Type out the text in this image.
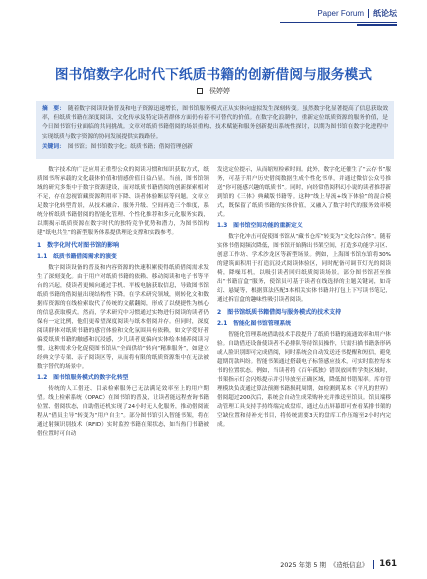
Paper Forum 纸论坛
图书馆数字化时代下纸质书籍的创新借阅与服务模式
侯婷婷
摘　要： 随着数字阅读设备普及和电子资源迅速增长，图书馆服务模式正从实体向虚拟发生深刻转变。虽然数字化显著提高了信息获取效率，但纸质书籍在深度阅读、文化传承及特定读者群体方面仍有着不可替代的价值。在数字化浪潮中，重新定位纸质资源的服务价值，是今日图书馆行业面临的共同挑战。文章对纸质书籍借阅的场景重构、技术赋能和服务创新提出系统性探讨，以期为图书馆在数字化进程中实现纸质与数字资源的协同发展提供实践路径。
关键词： 图书馆；图书馆数字化；纸质书籍；借阅管理创新

数字技术的广泛应用正重塑公众的阅读习惯和知识获取方式，纸质图书所承载的文化载体价值和情感价值日益凸显。当前，图书馆领域的研究多集中于数字资源建设，而对纸质书籍借阅的创新探索相对不足，存在忽视馆藏资源利用率下降、读者体验断层等问题。文章立足数字化转型背景，从技术融合、服务升级、空间再造三个维度，系统分析纸质书籍借阅的智能化管理、个性化推荐和多元化服务实践，以期揭示纸质资源在数字时代的独特竞争优势和潜力，为图书馆构建“纸电共生”的新型服务体系提供理论支撑和实践参考。

1　数字化时代对图书馆的影响
1.1　纸质书籍借阅需求的演变

数字阅读设备的普及和内容资源的快速积累使得纸质借阅需求发生了深刻变化。由于用户对纸质书籍的依赖、移动阅读和电子书等平台的兴起，使读者更倾向通过手机、平板电脑获取信息，导致图书馆纸质书籍的借阅量出现结构性下降。在学术研究领域，则转化文和数据库资源的在线检索取代了传统的文献翻阅，形成了以便捷性为核心的信息获取模式。然而，学术研究中习惯通过实物进行阅读的读者仍保有一定比例，他们更希望深度阅读与纸本借阅并存。但同时，深度阅读群体对纸质书籍的感官体验和文化氛围具有依赖，如文学爱好者偏爱纸质书籍的触感和沉浸感，少儿读者更偏向实体绘本辅养阅读习惯。这种需求分化促使图书馆从“全面供给”转向“精准服务”，如建立经典文学专架、亲子阅读区等，从而将有限的纸质资源集中在无法被数字替代的场景中。

1.2　图书馆服务模式的数字化转型

传统的人工借还、目录检索服务已无法满足效率至上的用户期望。线上检索系统（OPAC）在图书馆的普及，让读者能远程查询书籍位置、借阅状态，自助借还机实现了24小时无人化服务，推动借阅流程从“借员主导”转变为“用户自主”。部分图书馆引入智能书架，将在通过射频识别技术（RFID）实时监控书籍在架状态，如当热门书籍被借位置时可自动

发送定位提示，从而缩短检索时间。此外，数字化还催生了“云存书”服务，可基于用户历史借阅数据生成个性化书单，并通过微信公众号推送“你可能感兴趣的纸质书”。同时，向经常借阅科幻小说的读者推荐新到馆的《三体》典藏版书籍等。这种“线上导流+线下体验”的混合模式，既保留了纸质书籍的实体价值，又融入了数字时代的服务效率模式。

1.3　图书馆空间功能的重新定义

数字化冲击可促使图书馆从“藏书仓库”转变为“文化综合体”。随着实体书借阅频次降低，图书馆开始腾出书架空间，打造多功能学习区、创意工作坊、学术沙龙区等新型场景。例如，上海图书馆东馆将30%的建筑面积用于打造沉浸式阅读体验区，同时配备可调节灯光的阅读椅，降噪耳机，以吸引读者回归纸质阅读场景。部分图书馆甚至推出“书籍盲盒”服务，使馆员可基于读者在线选择的主题关键词，如奇幻、悬疑等，根据算法匹配3本相关实体书籍并打包上下写读书笔记，通过拆盲盒的趣味性吸引读者阅读。

2　图书馆纸质书籍借阅与服务模式的技术支持
2.1　智能化图书馆管理系统

智能化管理系统借助技术手段提升了纸质书籍的流通效率和用户体验。自助借还设备使读者不必排队等待馆员操作，只需扫描书籍条形码或人脸识别即可完成借阅，同时系统会自动发送还书提醒和短信，避免超期罚款纠纷。智能书架通过搭载电子标签感应技术，可实时监控每本书的位置状态。例如，当读者将《百年孤独》错误放回哲学类区域时，书架指示灯会闪烁提示并引导放至正确区域，降低图书错架率。库存管理模块负责通过算法预测书籍损耗周期，如检测到某本《平凡的世界》借阅超过200次后，系统会自动生成采购补充并推送至馆员。馆员端移动管理工具支持手持终端完成盘库，通过点击屏幕即可查看某排书架的空缺位置和待补充书目，将传统需要3天的盘库工作压缩至2小时内完成。

2025 年第 5 期 《造纸信息》 161
